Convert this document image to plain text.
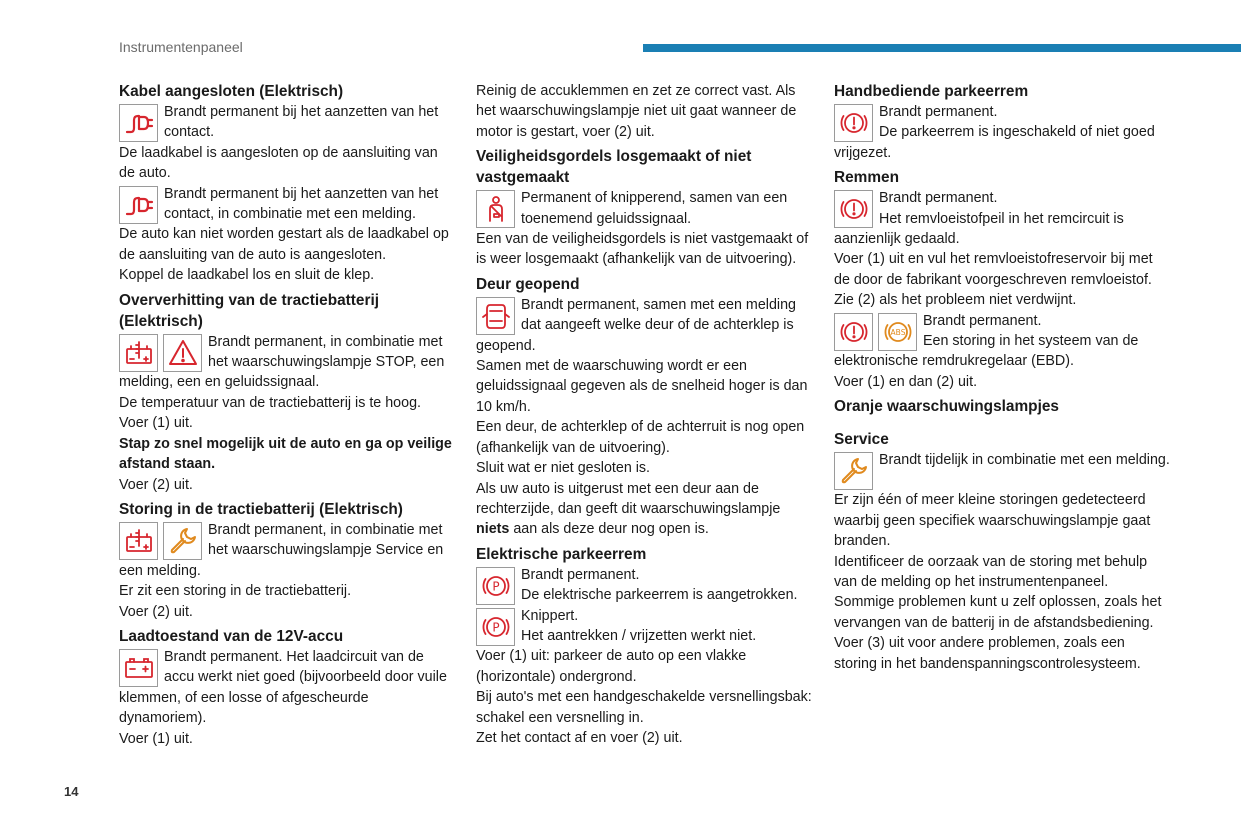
Instrumentenpaneel
Kabel aangesloten (Elektrisch)
Brandt permanent bij het aanzetten van het contact.
De laadkabel is aangesloten op de aansluiting van de auto.
Brandt permanent bij het aanzetten van het contact, in combinatie met een melding.
De auto kan niet worden gestart als de laadkabel op de aansluiting van de auto is aangesloten.
Koppel de laadkabel los en sluit de klep.
Oververhitting van de tractiebatterij (Elektrisch)
Brandt permanent, in combinatie met het waarschuwingslampje STOP, een melding, een en geluidssignaal.
De temperatuur van de tractiebatterij is te hoog.
Voer (1) uit.
Stap zo snel mogelijk uit de auto en ga op veilige afstand staan.
Voer (2) uit.
Storing in de tractiebatterij (Elektrisch)
Brandt permanent, in combinatie met het waarschuwingslampje Service en een melding.
Er zit een storing in de tractiebatterij.
Voer (2) uit.
Laadtoestand van de 12V-accu
Brandt permanent. Het laadcircuit van de accu werkt niet goed (bijvoorbeeld door vuile klemmen, of een losse of afgescheurde dynamoriem).
Voer (1) uit.
Reinig de accuklemmen en zet ze correct vast. Als het waarschuwingslampje niet uit gaat wanneer de motor is gestart, voer (2) uit.
Veiligheidsgordels losgemaakt of niet vastgemaakt
Permanent of knipperend, samen van een toenemend geluidssignaal.
Een van de veiligheidsgordels is niet vastgemaakt of is weer losgemaakt (afhankelijk van de uitvoering).
Deur geopend
Brandt permanent, samen met een melding dat aangeeft welke deur of de achterklep is geopend.
Samen met de waarschuwing wordt er een geluidssignaal gegeven als de snelheid hoger is dan 10 km/h.
Een deur, de achterklep of de achterruit is nog open (afhankelijk van de uitvoering).
Sluit wat er niet gesloten is.
Als uw auto is uitgerust met een deur aan de rechterzijde, dan geeft dit waarschuwingslampje niets aan als deze deur nog open is.
Elektrische parkeerrem
P
Brandt permanent.
De elektrische parkeerrem is aangetrokken.
P
Knippert.
Het aantrekken / vrijzetten werkt niet.
Voer (1) uit: parkeer de auto op een vlakke (horizontale) ondergrond.
Bij auto's met een handgeschakelde versnellingsbak: schakel een versnelling in.
Zet het contact af en voer (2) uit.
Handbediende parkeerrem
Brandt permanent.
De parkeerrem is ingeschakeld of niet goed vrijgezet.
Remmen
Brandt permanent.
Het remvloeistofpeil in het remcircuit is aanzienlijk gedaald.
Voer (1) uit en vul het remvloeistofreservoir bij met de door de fabrikant voorgeschreven remvloeistof.
Zie (2) als het probleem niet verdwijnt.
ABS
Brandt permanent.
Een storing in het systeem van de elektronische remdrukregelaar (EBD).
Voer (1) en dan (2) uit.
Oranje waarschuwingslampjes
Service
Brandt tijdelijk in combinatie met een melding.
Er zijn één of meer kleine storingen gedetecteerd waarbij geen specifiek waarschuwingslampje gaat branden.
Identificeer de oorzaak van de storing met behulp van de melding op het instrumentenpaneel.
Sommige problemen kunt u zelf oplossen, zoals het vervangen van de batterij in de afstandsbediening.
Voer (3) uit voor andere problemen, zoals een storing in het bandenspanningscontrolesysteem.
14
